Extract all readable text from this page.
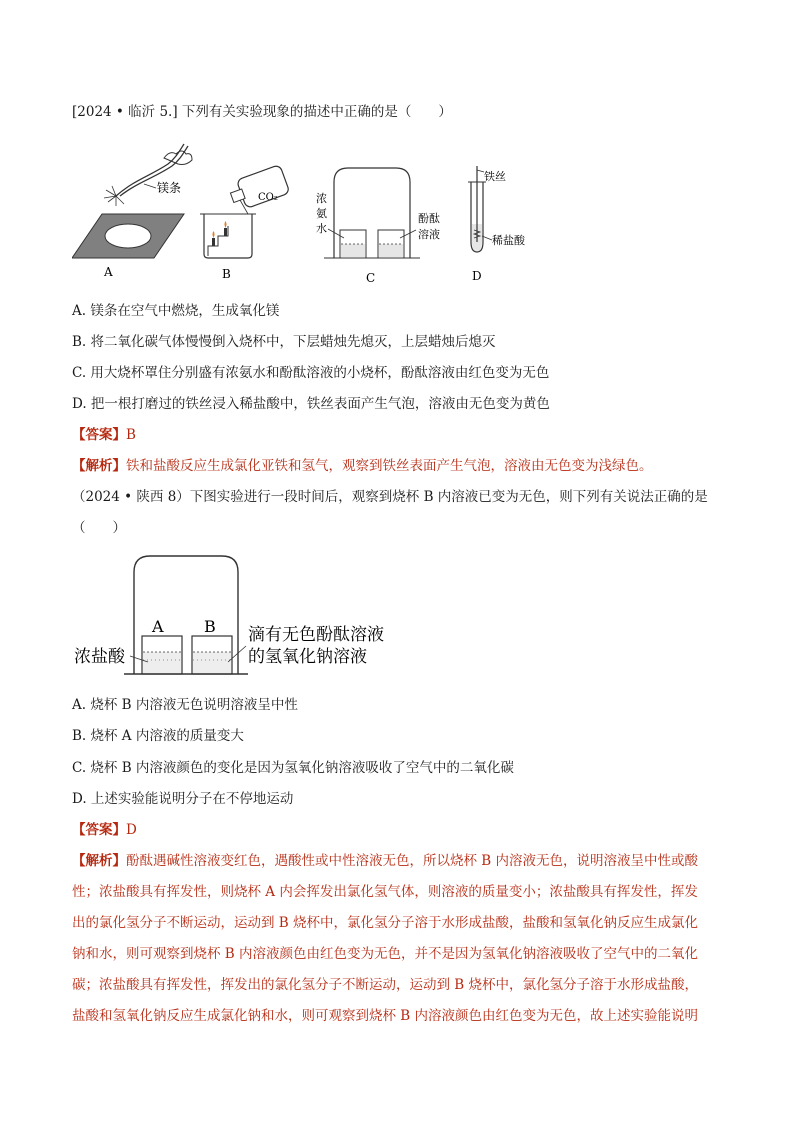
[2024 • 临沂 5.] 下列有关实验现象的描述中正确的是（　　）
镁条
A
CO₂
B
浓
氨
水
酚酞
溶液
C
铁丝
稀盐酸
D
A. 镁条在空气中燃烧，生成氧化镁
B. 将二氧化碳气体慢慢倒入烧杯中，下层蜡烛先熄灭，上层蜡烛后熄灭
C. 用大烧杯罩住分别盛有浓氨水和酚酞溶液的小烧杯，酚酞溶液由红色变为无色
D. 把一根打磨过的铁丝浸入稀盐酸中，铁丝表面产生气泡，溶液由无色变为黄色
【答案】B
【解析】铁和盐酸反应生成氯化亚铁和氢气，观察到铁丝表面产生气泡，溶液由无色变为浅绿色。
（2024 • 陕西 8）下图实验进行一段时间后，观察到烧杯 B 内溶液已变为无色，则下列有关说法正确的是
（　　）
A	B
浓盐酸
滴有无色酚酞溶液
的氢氧化钠溶液
A. 烧杯 B 内溶液无色说明溶液呈中性
B. 烧杯 A 内溶液的质量变大
C. 烧杯 B 内溶液颜色的变化是因为氢氧化钠溶液吸收了空气中的二氧化碳
D. 上述实验能说明分子在不停地运动
【答案】D
【解析】酚酞遇碱性溶液变红色，遇酸性或中性溶液无色，所以烧杯 B 内溶液无色，说明溶液呈中性或酸
性；浓盐酸具有挥发性，则烧杯 A 内会挥发出氯化氢气体，则溶液的质量变小；浓盐酸具有挥发性，挥发
出的氯化氢分子不断运动，运动到 B 烧杯中，氯化氢分子溶于水形成盐酸，盐酸和氢氧化钠反应生成氯化
钠和水，则可观察到烧杯 B 内溶液颜色由红色变为无色，并不是因为氢氧化钠溶液吸收了空气中的二氧化
碳；浓盐酸具有挥发性，挥发出的氯化氢分子不断运动，运动到 B 烧杯中，氯化氢分子溶于水形成盐酸，
盐酸和氢氧化钠反应生成氯化钠和水，则可观察到烧杯 B 内溶液颜色由红色变为无色，故上述实验能说明
